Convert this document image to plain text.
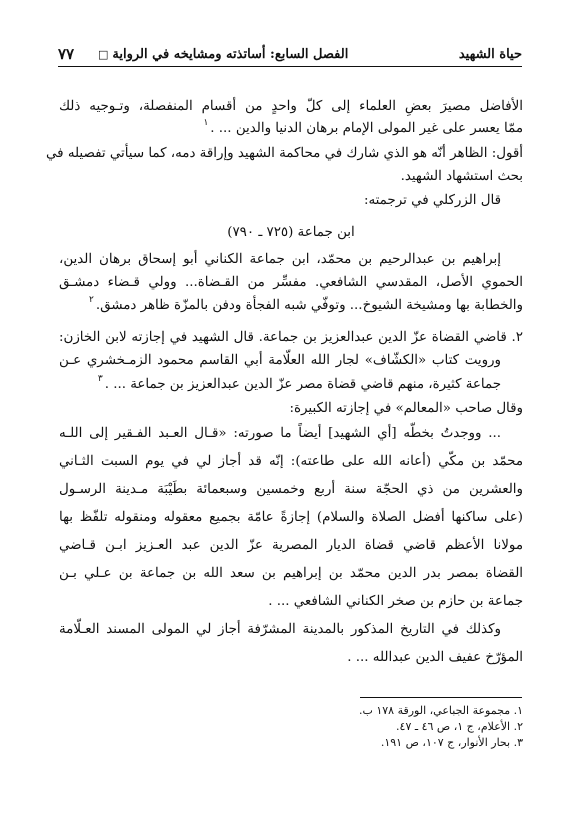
حياة الشهيد
الفصل السابع: أساتذته ومشايخه في الرواية□
٧٧
الأفاضل مصيرَ بعضِ العلماء إلى كلّ واحدٍ من أقسام المنفصلة، وتـوجيه ذلك
ممّا يعسر على غير المولى الإمام برهان الدنيا والدين ... .$^١$
أقول: الظاهر أنّه هو الذي شارك في محاكمة الشهيد وإراقة دمه، كما سيأتي تفصيله في
بحث استشهاد الشهيد.
قال الزركلي في ترجمته:
ابن جماعة (٧٢٥ ـ ٧٩٠)
إبراهيم بن عبدالرحيم بن محمّد، ابن جماعة الكناني أبو إسحاق برهان الدين،
الحموي الأصل، المقدسي الشافعي. مفسِّر من القـضاة... وولي قـضاء دمشـق
والخطابة بها ومشيخة الشيوخ... وتوفّي شبه الفجأة ودفن بالمزّة ظاهر دمشق.$^٢$
٢. قاضي القضاة عزّ الدين عبدالعزيز بن جماعة. قال الشهيد في إجازته لابن الخازن:
ورويت كتاب «الكشّاف» لجار الله العلّامة أبي القاسم محمود الزمـخشري عـن
جماعة كثيرة، منهم قاضي قضاة مصر عزّ الدين عبدالعزيز بن جماعة ... .$^٣$
وقال صاحب «المعالم» في إجازته الكبيرة:
... ووجدتُ بخطّه [أي الشهيد] أيضاً ما صورته: «قـال العـبد الفـقير إلى اللـه
محمّد بن مكّي (أعانه الله على طاعته): إنّه قد أجاز لي في يوم السبت الثـاني
والعشرين من ذي الحجّة سنة أربع وخمسين وسبعمائة بطَيْبَة مـدينة الرسـول
(على ساكنها أفضل الصلاة والسلام) إجازةً عامّة بجميع معقوله ومنقوله تلفّظ بها
مولانا الأعظم قاضي قضاة الديار المصرية عزّ الدين عبد العـزيز ابـن قـاضي
القضاة بمصر بدر الدين محمّد بن إبراهيم بن سعد الله بن جماعة بن عـلي بـن
جماعة بن حازم بن صخر الكناني الشافعي ... .
وكذلك في التاريخ المذكور بالمدينة المشرّفة أجاز لي المولى المسند العـلّامة
المؤرّخ عفيف الدين عبدالله ... .
١. مجموعة الجباعي، الورقة ١٧٨ ب.
٢. الأعلام، ج ١، ص ٤٦ ـ ٤٧.
٣. بحار الأنوار، ج ١٠٧، ص ١٩١.
